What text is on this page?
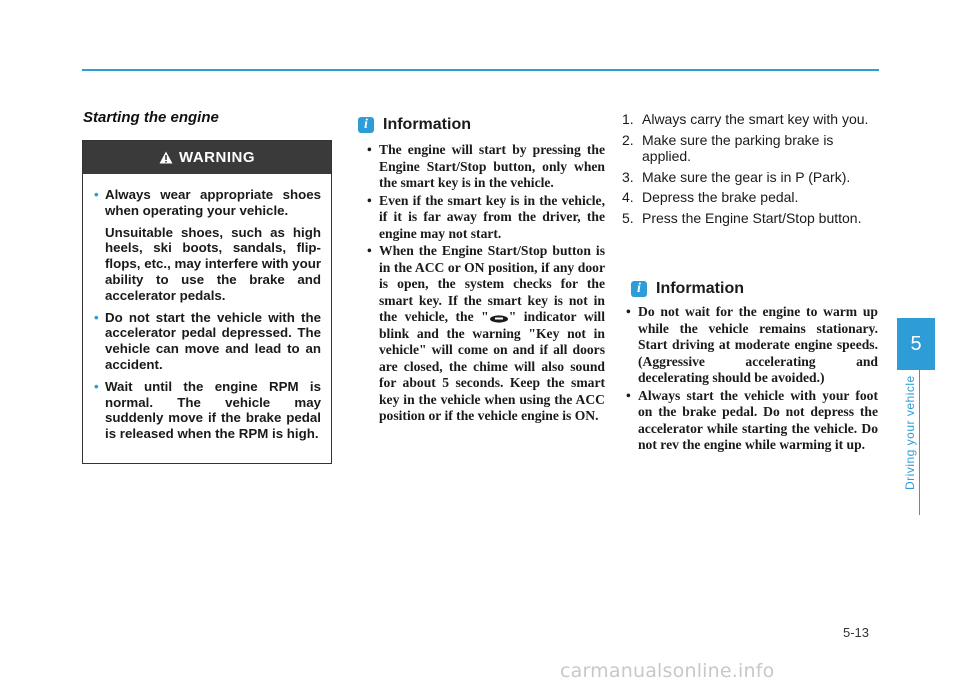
Starting the engine
WARNING
• Always wear appropriate shoes when operating your vehicle.

Unsuitable shoes, such as high heels, ski boots, sandals, flip-flops, etc., may interfere with your ability to use the brake and accelerator pedals.

• Do not start the vehicle with the accelerator pedal depressed. The vehicle can move and lead to an accident.

• Wait until the engine RPM is normal. The vehicle may suddenly move if the brake pedal is released when the RPM is high.

i Information
• The engine will start by pressing the Engine Start/Stop button, only when the smart key is in the vehicle.
• Even if the smart key is in the vehicle, if it is far away from the driver, the engine may not start.
• When the Engine Start/Stop button is in the ACC or ON position, if any door is open, the system checks for the smart key. If the smart key is not in the vehicle, the " " indicator will blink and the warning "Key not in vehicle" will come on and if all doors are closed, the chime will also sound for about 5 seconds. Keep the smart key in the vehicle when using the ACC position or if the vehicle engine is ON.
1. Always carry the smart key with you.
2. Make sure the parking brake is applied.
3. Make sure the gear is in P (Park).
4. Depress the brake pedal.
5. Press the Engine Start/Stop button.
i Information
• Do not wait for the engine to warm up while the vehicle remains stationary. Start driving at moderate engine speeds. (Aggressive accelerating and decelerating should be avoided.)
• Always start the vehicle with your foot on the brake pedal. Do not depress the accelerator while starting the vehicle. Do not rev the engine while warming it up.
5
Driving your vehicle
5-13
carmanualsonline.info
